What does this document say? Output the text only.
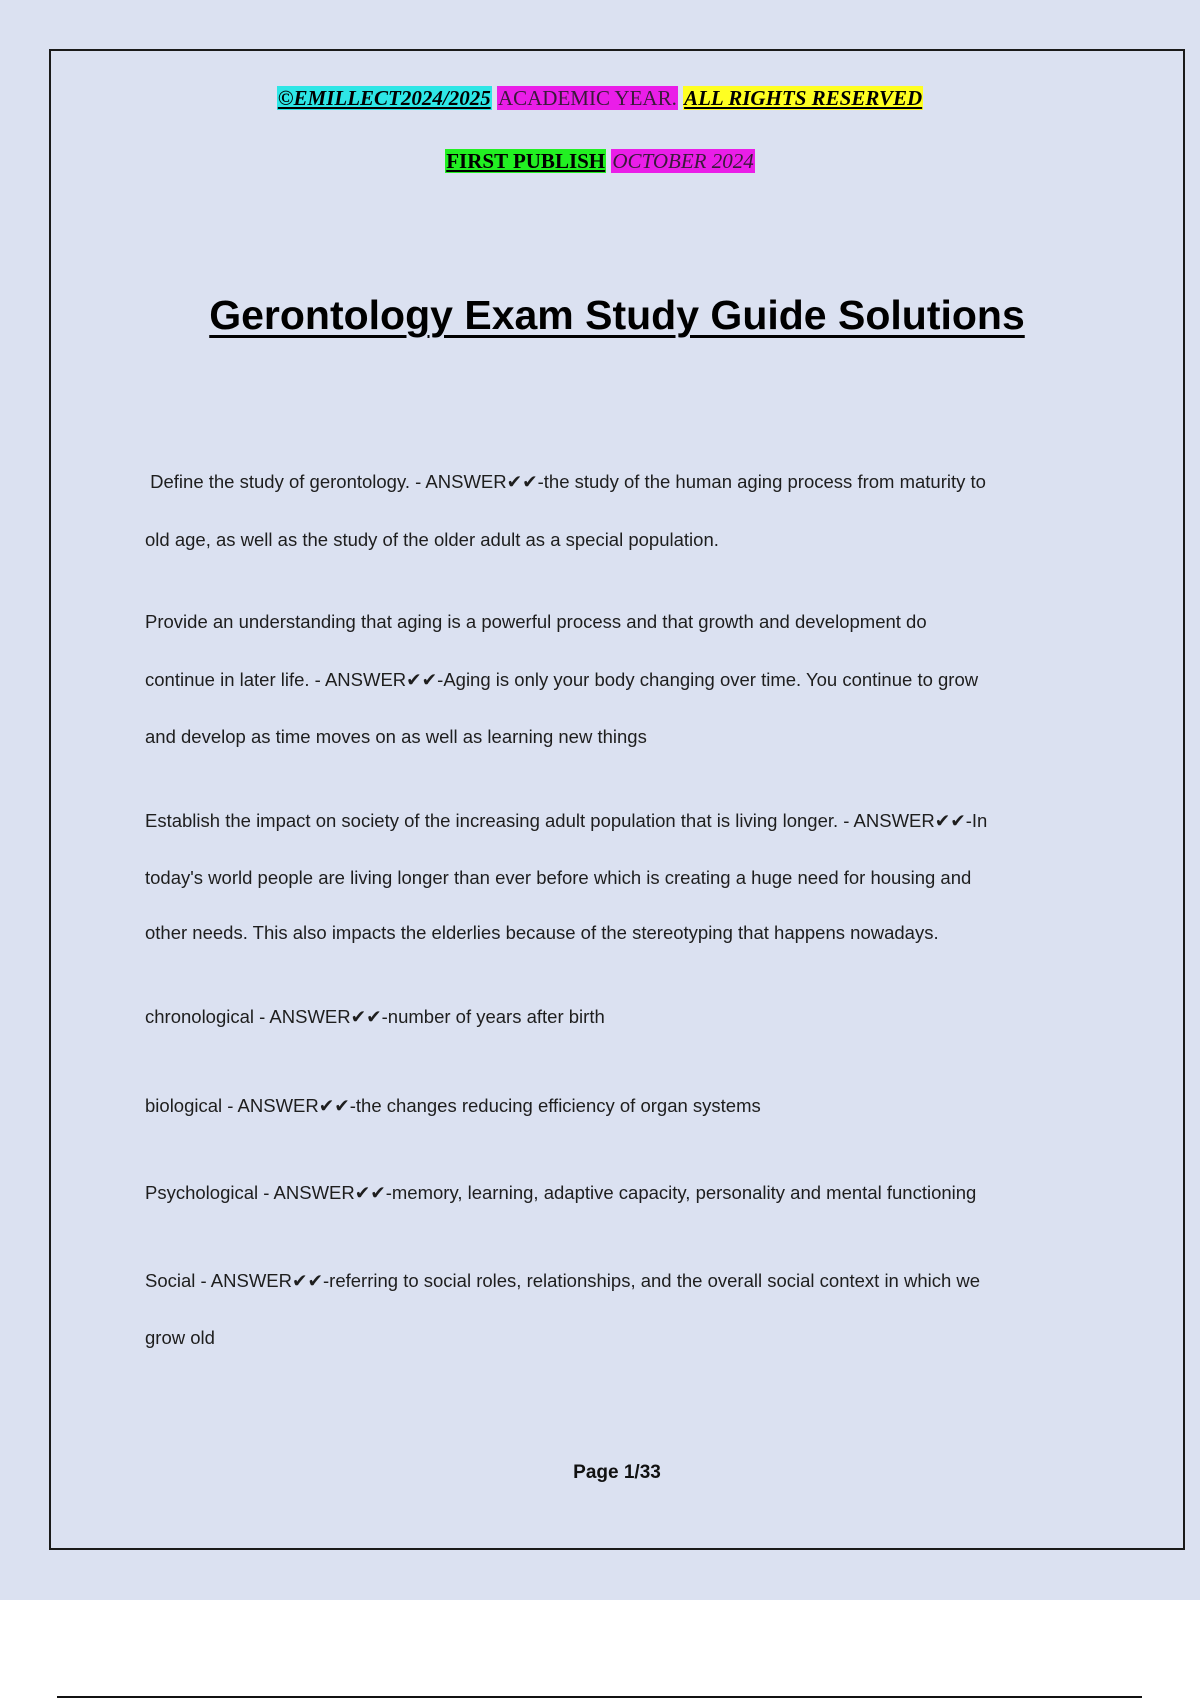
©EMILLECT2024/2025 ACADEMIC YEAR. ALL RIGHTS RESERVED
FIRST PUBLISH OCTOBER 2024
Gerontology Exam Study Guide Solutions
Define the study of gerontology. - ANSWER✔✔-the study of the human aging process from maturity to
old age, as well as the study of the older adult as a special population.
Provide an understanding that aging is a powerful process and that growth and development do
continue in later life. - ANSWER✔✔-Aging is only your body changing over time. You continue to grow
and develop as time moves on as well as learning new things
Establish the impact on society of the increasing adult population that is living longer. - ANSWER✔✔-In
today's world people are living longer than ever before which is creating a huge need for housing and
other needs. This also impacts the elderlies because of the stereotyping that happens nowadays.
chronological - ANSWER✔✔-number of years after birth
biological - ANSWER✔✔-the changes reducing efficiency of organ systems
Psychological - ANSWER✔✔-memory, learning, adaptive capacity, personality and mental functioning
Social - ANSWER✔✔-referring to social roles, relationships, and the overall social context in which we
grow old
Page 1/33
